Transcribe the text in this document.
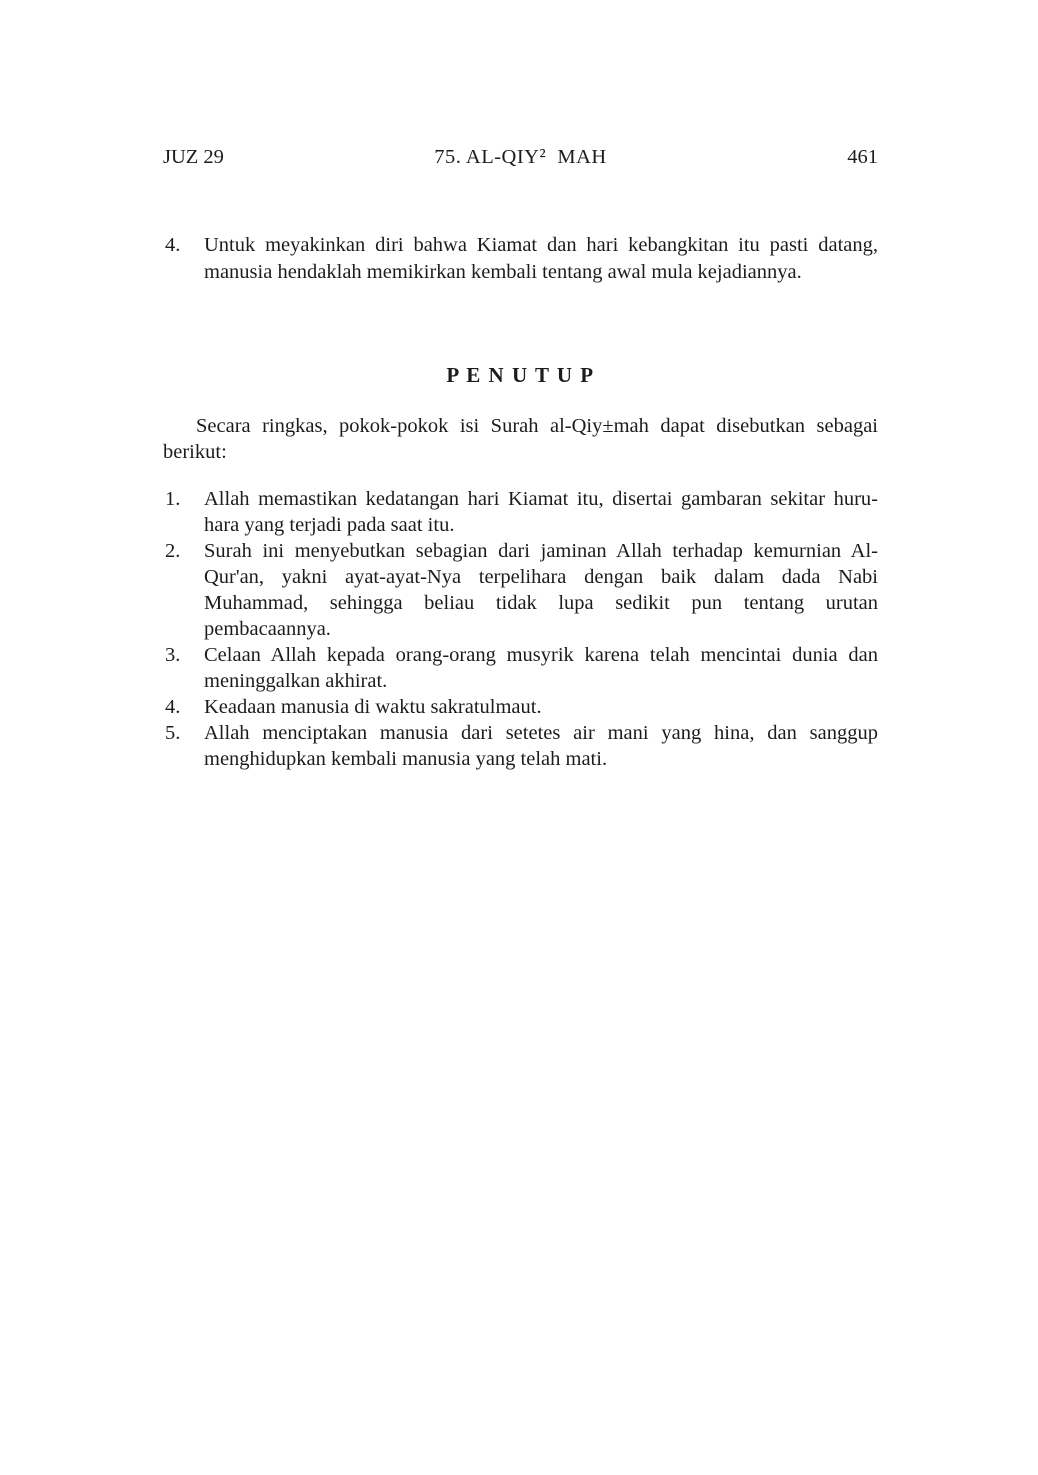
JUZ 29	75. AL-QIY²  MAH	461
4. Untuk meyakinkan diri bahwa Kiamat dan hari kebangkitan itu pasti datang, manusia hendaklah memikirkan kembali tentang awal mula kejadiannya.
P E N U T U P

Secara ringkas, pokok-pokok isi Surah al-Qiy±mah dapat disebutkan sebagai berikut:

1. Allah memastikan kedatangan hari Kiamat itu, disertai gambaran sekitar huru-hara yang terjadi pada saat itu.
2. Surah ini menyebutkan sebagian dari jaminan Allah terhadap kemurnian Al-Qur'an, yakni ayat-ayat-Nya terpelihara dengan baik dalam dada Nabi Muhammad, sehingga beliau tidak lupa sedikit pun tentang urutan pembacaannya.
3. Celaan Allah kepada orang-orang musyrik karena telah mencintai dunia dan meninggalkan akhirat.
4. Keadaan manusia di waktu sakratulmaut.
5. Allah menciptakan manusia dari setetes air mani yang hina, dan sanggup menghidupkan kembali manusia yang telah mati.
